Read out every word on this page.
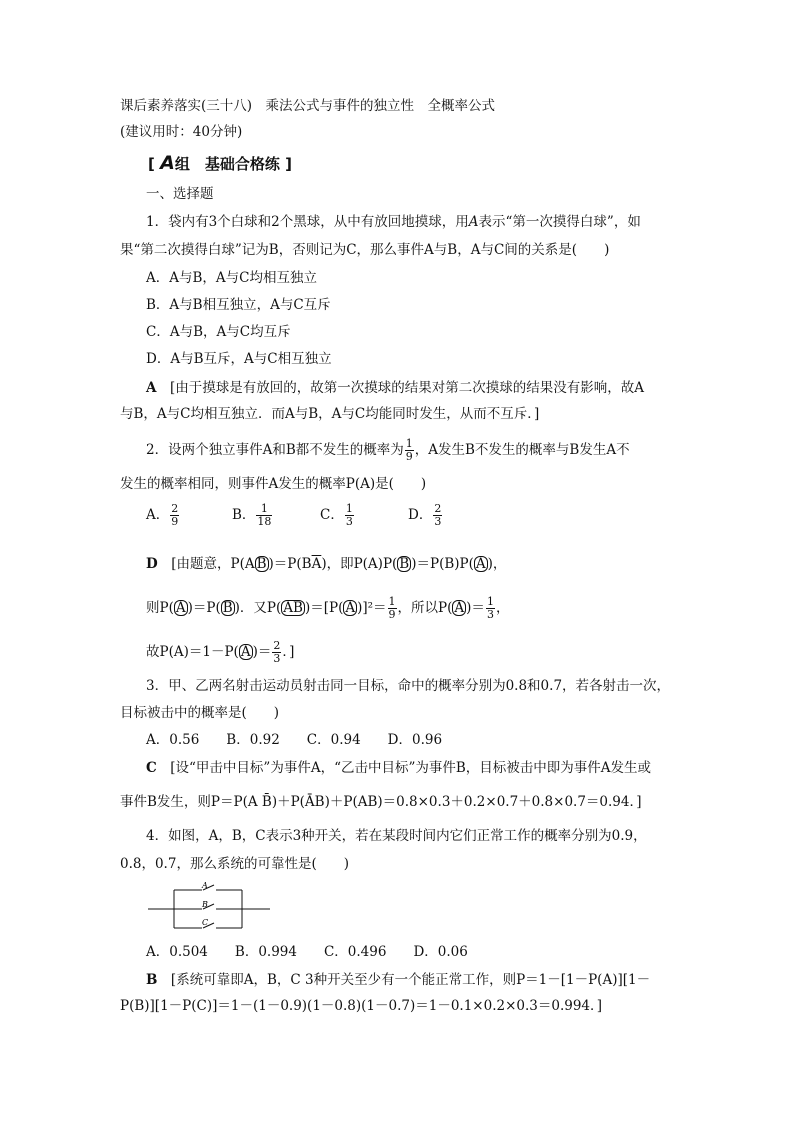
课后素养落实(三十八)　乘法公式与事件的独立性　全概率公式
(建议用时：40分钟)
[ A组　基础合格练 ]
一、选择题
1．袋内有3个白球和2个黑球，从中有放回地摸球，用A表示“第一次摸得白球”，如
果“第二次摸得白球”记为B，否则记为C，那么事件A与B，A与C间的关系是(　　)
A．A与B，A与C均相互独立
B．A与B相互独立，A与C互斥
C．A与B，A与C均互斥
D．A与B互斥，A与C相互独立
A　 [由于摸球是有放回的，故第一次摸球的结果对第二次摸球的结果没有影响，故A
与B，A与C均相互独立．而A与B，A与C均能同时发生，从而不互斥．]
2．设两个独立事件A和B都不发生的概率为 $\frac{1}{9}$ ，A发生B不发生的概率与B发生A不
发生的概率相同，则事件A发生的概率P(A)是(　　)
A． $\frac{2}{9}$	B． $\frac{1}{18}$	C． $\frac{1}{3}$	D． $\frac{2}{3}$
D　 [由题意，P(A B )$=P(B\overline{A})$，即P(A)P( B )＝P(B)P( A )，
则P( A )＝P( B )．又P( AB )＝[P( A )]$^2= \frac{1}{9}$ ，所以P( A )＝ $\frac{1}{3}$ ，
故P(A)＝1－P( A )＝ $\frac{2}{3}$ ．]
3．甲、乙两名射击运动员射击同一目标，命中的概率分别为0.8和0.7，若各射击一次，
目标被击中的概率是(　　)
A．0.56　　B．0.92　　C．0.94　　D．0.96
C　 [设“甲击中目标”为事件A，“乙击中目标”为事件B，目标被击中即为事件A发生或
事件B发生，则P＝P(A B̄)＋P(ĀB)＋P(AB)＝0.8×0.3＋0.2×0.7＋0.8×0.7＝0.94．]
4．如图，A，B，C表示3种开关，若在某段时间内它们正常工作的概率分别为0.9，
0.8，0.7，那么系统的可靠性是(　　)
A
B
C
A．0.504　　B．0.994　　C．0.496　　D．0.06
B　 [系统可靠即A，B，C 3种开关至少有一个能正常工作，则P＝1－[1－P(A)][1－
P(B)][1－P(C)]＝1－(1－0.9)(1－0.8)(1－0.7)＝1－0.1×0.2×0.3＝0.994．]
